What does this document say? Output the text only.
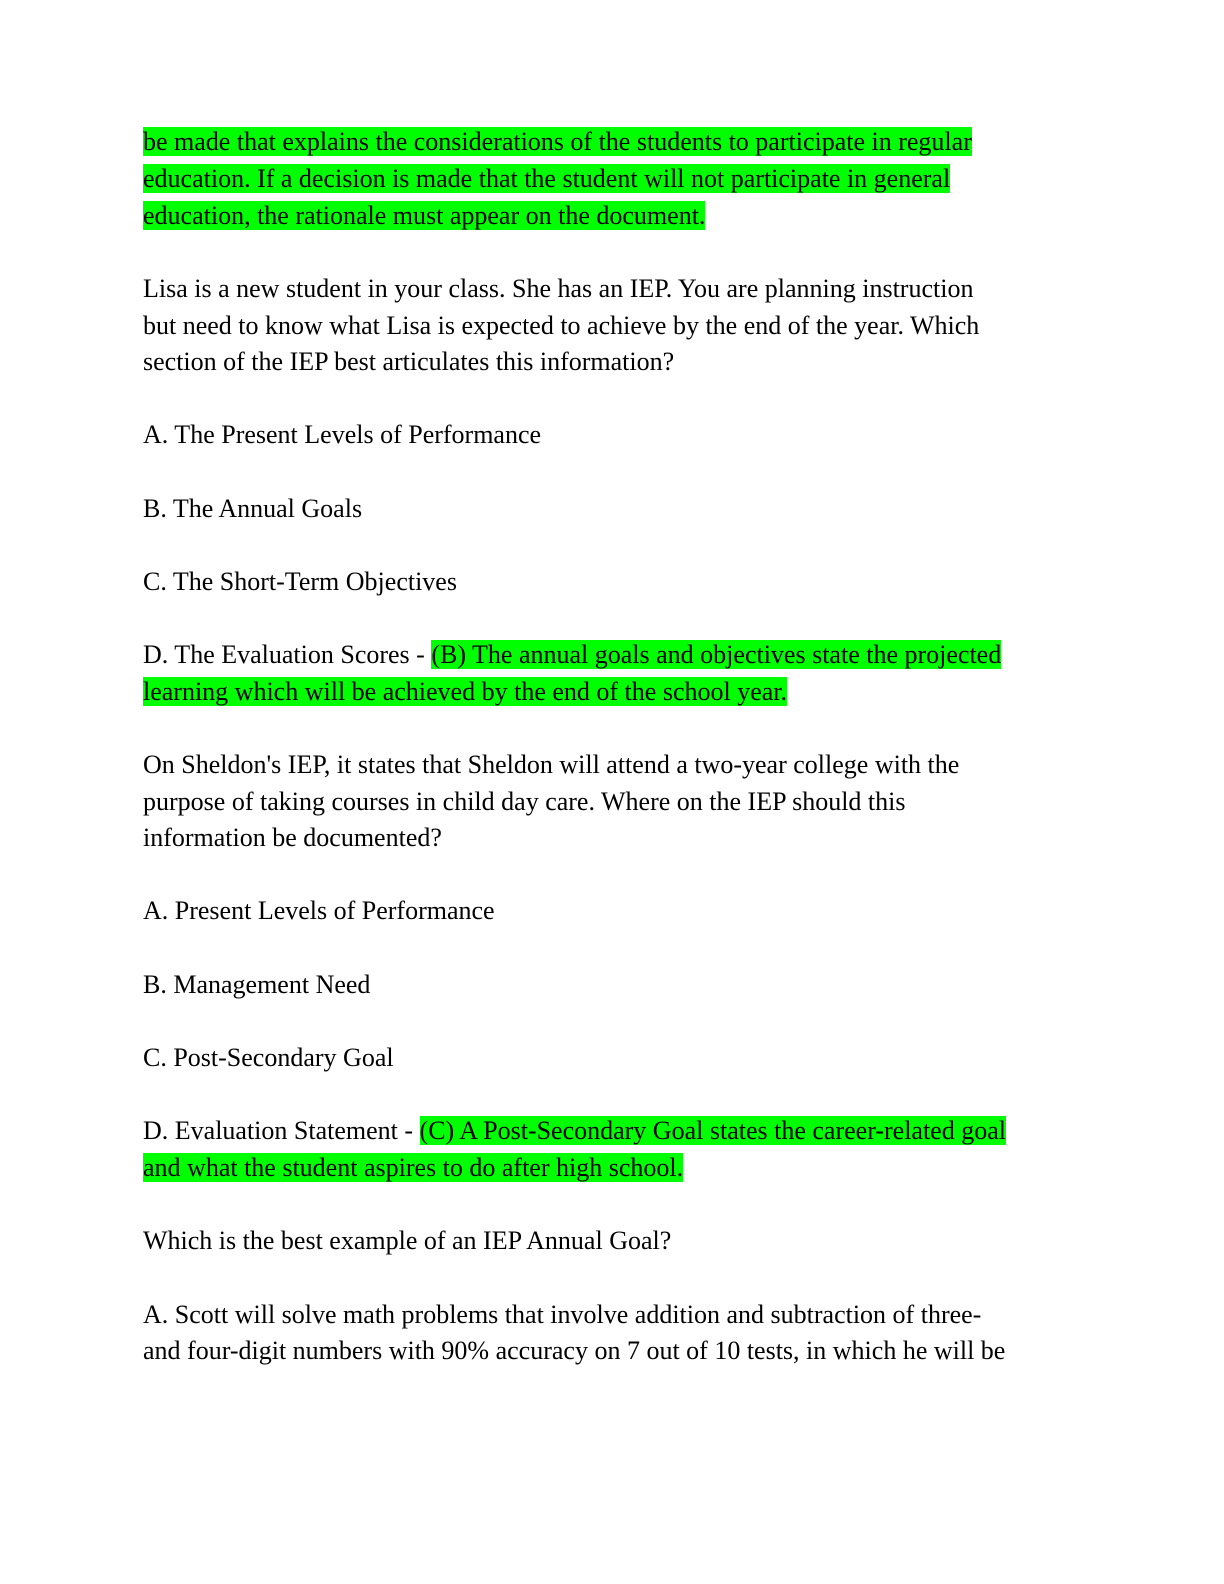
be made that explains the considerations of the students to participate in regular
education. If a decision is made that the student will not participate in general
education, the rationale must appear on the document.
Lisa is a new student in your class. She has an IEP. You are planning instruction
but need to know what Lisa is expected to achieve by the end of the year. Which
section of the IEP best articulates this information?
A. The Present Levels of Performance
B. The Annual Goals
C. The Short-Term Objectives
D. The Evaluation Scores - (B) The annual goals and objectives state the projected
learning which will be achieved by the end of the school year.
On Sheldon's IEP, it states that Sheldon will attend a two-year college with the
purpose of taking courses in child day care. Where on the IEP should this
information be documented?
A. Present Levels of Performance
B. Management Need
C. Post-Secondary Goal
D. Evaluation Statement - (C) A Post-Secondary Goal states the career-related goal
and what the student aspires to do after high school.
Which is the best example of an IEP Annual Goal?
A. Scott will solve math problems that involve addition and subtraction of three-
and four-digit numbers with 90% accuracy on 7 out of 10 tests, in which he will be
